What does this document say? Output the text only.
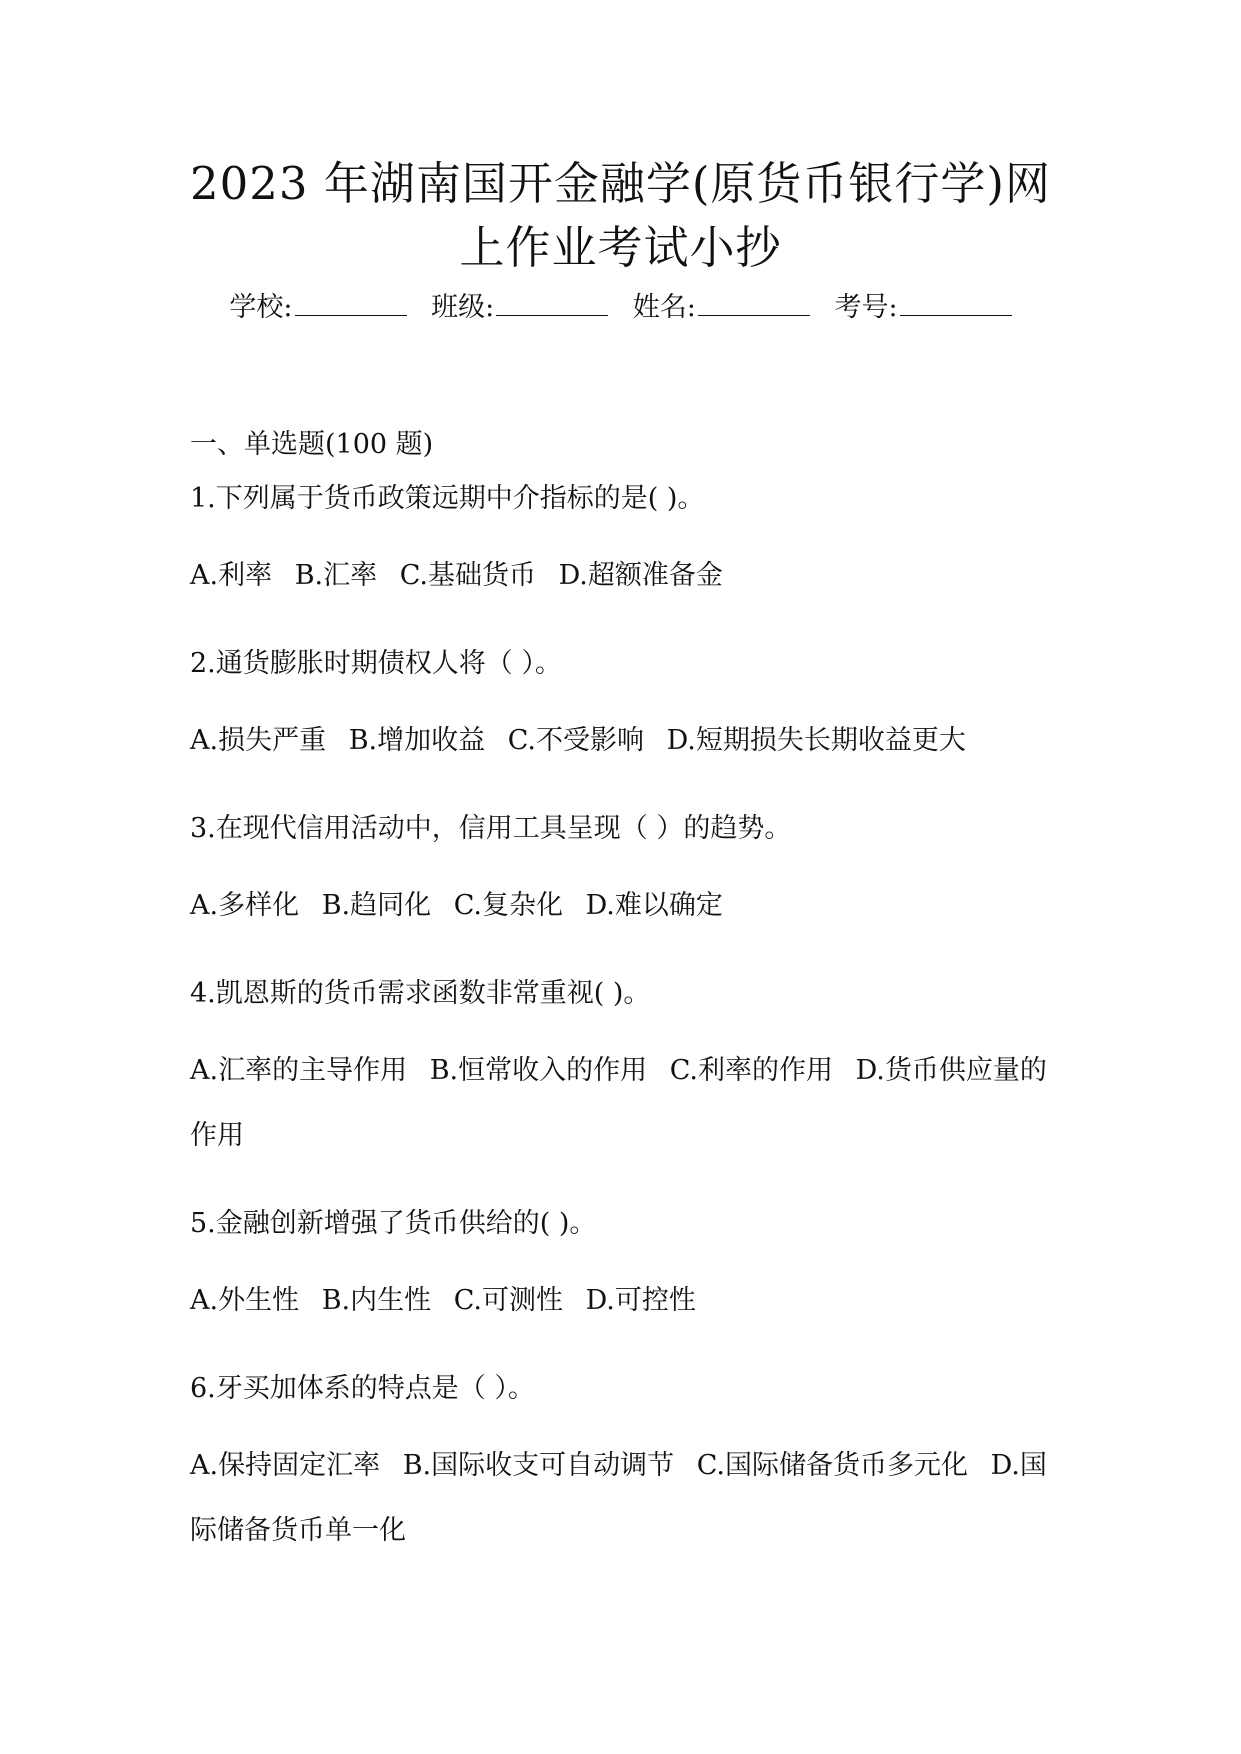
2023 年湖南国开金融学(原货币银行学)网
上作业考试小抄
学校:	班级:	姓名:	考号:
一、单选题(100 题)
1.下列属于货币政策远期中介指标的是( )。
A.利率 B.汇率 C.基础货币 D.超额准备金
2.通货膨胀时期债权人将（ ）。
A.损失严重 B.增加收益 C.不受影响 D.短期损失长期收益更大
3.在现代信用活动中，信用工具呈现（ ）的趋势。
A.多样化 B.趋同化 C.复杂化 D.难以确定
4.凯恩斯的货币需求函数非常重视( )。
A.汇率的主导作用 B.恒常收入的作用 C.利率的作用 D.货币供应量的作用
5.金融创新增强了货币供给的( )。
A.外生性 B.内生性 C.可测性 D.可控性
6.牙买加体系的特点是（ ）。
A.保持固定汇率 B.国际收支可自动调节 C.国际储备货币多元化 D.国际储备货币单一化
